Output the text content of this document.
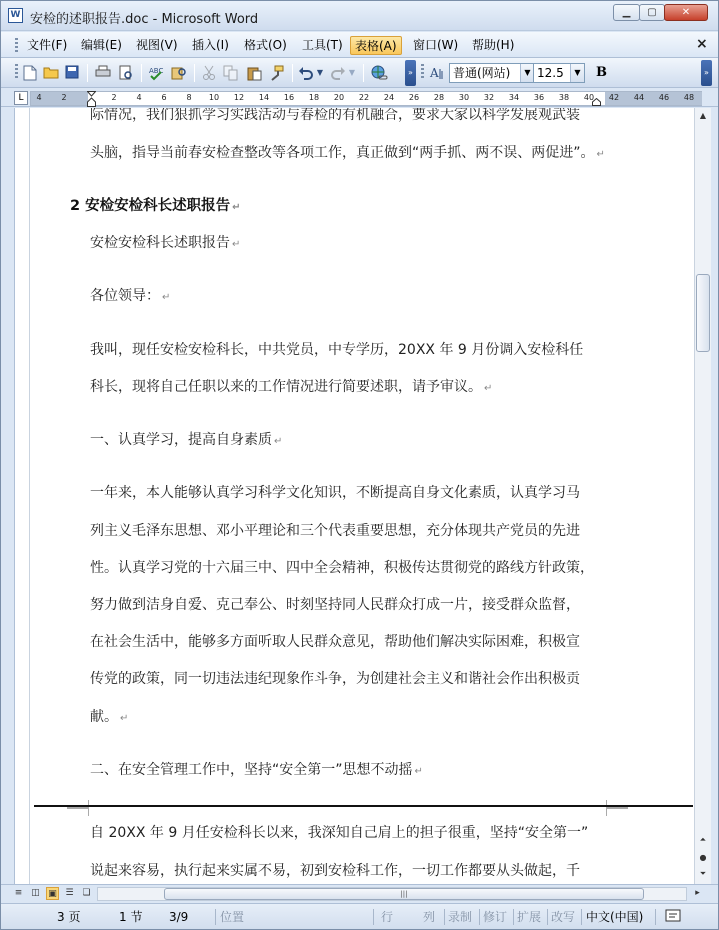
W 安检的述职报告.doc - Microsoft Word	▁	▢	✕
文件(F)	编辑(E)	视图(V)	插入(I)	格式(O)	工具(T)	表格(A)	窗口(W)	帮助(H)	×
ABC	▼	▼	» A	普通(网站)	▼ 12.5	▼ B	»
L	4 2	2 4 6 8 10 12 14 16 18 20 22 24 26 28 30 32 34 36 38 40 42 44 46 48
际情况，我们狠抓学习实践活动与春检的有机融合，要求大家以科学发展观武装
头脑，指导当前春安检查整改等各项工作，真正做到“两手抓、两不误、两促进”。 ↵
2 安检安检科长述职报告 ↵
安检安检科长述职报告 ↵
各位领导： ↵
我叫，现任安检安检科长，中共党员，中专学历，20XX 年 9 月份调入安检科任
科长，现将自己任职以来的工作情况进行简要述职，请予审议。 ↵
一、认真学习，提高自身素质 ↵
一年来，本人能够认真学习科学文化知识，不断提高自身文化素质，认真学习马
列主义毛泽东思想、邓小平理论和三个代表重要思想，充分体现共产党员的先进
性。认真学习党的十六届三中、四中全会精神，积极传达贯彻党的路线方针政策，
努力做到洁身自爱、克己奉公、时刻坚持同人民群众打成一片，接受群众监督，
在社会生活中，能够多方面听取人民群众意见，帮助他们解决实际困难，积极宣
传党的政策，同一切违法违纪现象作斗争，为创建社会主义和谐社会作出积极贡
献。 ↵
二、在安全管理工作中，坚持“安全第一”思想不动摇 ↵
自 20XX 年 9 月任安检科长以来，我深知自己肩上的担子很重，坚持“安全第一”
说起来容易，执行起来实属不易，初到安检科工作，一切工作都要从头做起，千
▲
⏶
●
⏷
≡ ◫ ▣ ☰ ❏	|||	▸
3 页	1 节 3/9	位置	行 列 录制 修订 扩展 改写 中文(中国)
